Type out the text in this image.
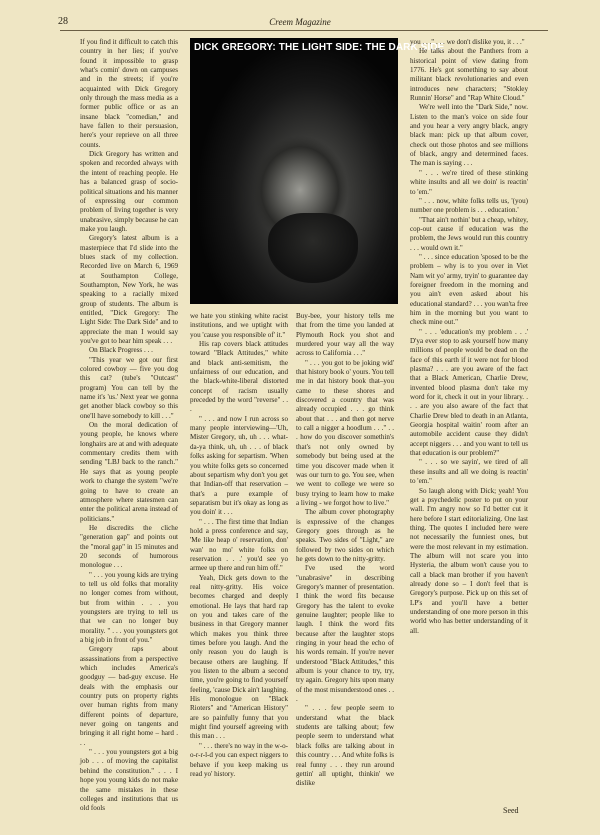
28	Creem Magazine

If you find it difficult to catch this country in her lies; if you've found it impossible to grasp what's comin' down on campuses and in the streets; if you're acquainted with Dick Gregory only through the mass media as a former public office or as an insane black "comedian," and have fallen to their persuasion, here's your reprieve on all three counts.

Dick Gregory has written and spoken and recorded always with the intent of reaching people. He has a balanced grasp of socio-political situations and his manner of expressing our common problem of living together is very unabrasive, simply because he can make you laugh.

Gregory's latest album is a masterpiece that I'd slide into the blues stack of my collection. Recorded live on March 6, 1969 at Southampton College, Southampton, New York, he was speaking to a racially mixed group of students. The album is entitled, "Dick Gregory: The Light Side: The Dark Side" and to appreciate the man I would say you've got to hear him speak . . .

On Black Progress . . .

"This year we got our first colored cowboy — five you dog this cat? (tube's "Outcast" program) You can tell by the name it's 'us.' Next year we gonna get another black cowboy so this one'll have somebody to kill . . ."

On the moral dedication of young people, he knows where longhairs are at and with adequate commentary credits them with sending "LBJ back to the ranch." He says that as young people work to change the system "we're going to have to create an atmosphere where statesmen can enter the political arena instead of politicians."

He discredits the cliche "generation gap" and points out the "moral gap" in 15 minutes and 20 seconds of humorous monologue . . .

" . . . you young kids are trying to tell us old folks that morality no longer comes from without, but from within . . . you youngsters are trying to tell us that we can no longer buy morality. " . . . you youngsters got a big job in front of you."

Gregory raps about assassinations from a perspective which includes America's goodguy — bad-guy excuse. He deals with the emphasis our country puts on property rights over human rights from many different points of departure, never going on tangents and bringing it all right home – hard . . .

" . . . you youngsters got a big job . . . of moving the capitalist behind the constitution." . . . I hope you young kids do not make the same mistakes in these colleges and institutions that us old fools

DICK GREGORY: THE LIGHT SIDE: THE DARK SIDE

we hate you stinking white racist institutions, and we uptight with you 'cause you responsible of' it."

His rap covers black attitudes toward "Black Attitudes," white and black anti-semitism, the unfairness of our education, and the black-white-liberal distorted concept of racism usually preceded by the word "reverse" . . .

" . . . and now I run across so many people interviewing—'Uh, Mister Gregory, uh, uh . . . what-da-ya think, uh, uh . . . of black folks asking for separtism. 'When you white folks gets so concerned about separtism why don't you get that Indian-off that reservation – that's a pure example of separatism but it's okay as long as you doin' it . . .

" . . . The first time that Indian hold a press conference and say, 'Me like heap o' reservation, don' wan' no mo' white folks on reservation . . .' you'd see yo armee up there and run him off."

Yeah, Dick gets down to the real nitty-gritty. His voice becomes charged and deeply emotional. He lays that hard rap on you and takes care of the business in that Gregory manner which makes you think three times before you laugh. And the only reason you do laugh is because others are laughing. If you listen to the album a second time, you're going to find yourself feeling, 'cause Dick ain't laughing. His monologue on "Black Rioters" and "American History" are so painfully funny that you might find yourself agreeing with this man . . .

" . . . there's no way in the w-o-o-r-r-l-d you can expect niggers to behave if you keep making us read yo' history.

Buy-bee, your history tells me that from the time you landed at Plymouth Rock you shot and murdered your way all the way across to California . . ."

" . . . you got to be joking wid' that history book o' yours. You tell me in dat history book that–you came to these shores and discovered a country that was already occupied . . . go think about that . . . and then got nerve to call a nigger a hoodlum . . ." . . . how do you discover somethin's that's not only owned by somebody but being used at the time you discover made when it was our turn to go. You see, when we went to college we were so busy trying to learn how to make a living - we forgot how to live."

The album cover photography is expressive of the changes Gregory goes through as he speaks. Two sides of "Light," are followed by two sides on which he gets down to the nitty-gritty.

I've used the word "unabrasive" in describing Gregory's manner of presentation. I think the word fits because Gregory has the talent to evoke genuine laughter; people like to laugh. I think the word fits because after the laughter stops ringing in your head the echo of his words remain. If you're never understood "Black Attitudes," this album is your chance to try, try, try again. Gregory hits upon many of the most misunderstood ones . . .

" . . . few people seem to understand what the black students are talking about; few people seem to understand what black folks are talking about in this country . . . And white folks is real funny . . . they run around gettin' all uptight, thinkin' we dislike

you . . ." . . . we don't dislike you, it . . ."

He talks about the Panthers from a historical point of view dating from 1776. He's got something to say about militant black revolutionaries and even introduces new characters; "Stokley Runnin' Horse" and "Rap White Cloud."

We're well into the "Dark Side," now. Listen to the man's voice on side four and you hear a very angry black, angry black man: pick up that album cover, check out those photos and see millions of black, angry and determined faces. The man is saying . . .

" . . . we're tired of these stinking white insults and all we doin' is reactin' to 'em."

" . . . now, white folks tells us, '(you) number one problem is . . . education.'

"That ain't nothin' but a cheap, whitey, cop-out cause if education was the problem, the Jews would run this country . . . would own it."

" . . . since education 'sposed to be the problem – why is to you over in Viet Nam wit yo' army, tryin' to guarantee day foreigner freedom in the morning and you ain't even asked about his educational standard? . . . you wan'ta free him in the morning but you want to check mine out."

" . . . 'education's my problem . . .' D'ya ever stop to ask yourself how many millions of people would be dead on the face of this earth if it were not for blood plasma? . . . are you aware of the fact that a Black American, Charlie Drew, invented blood plasma don't take my word for it, check it out in your library. . . . are you also aware of the fact that Charlie Drew bled to death in an Atlanta, Georgia hospital waitin' room after an automobile accident cause they didn't accept niggers . . . and you want to tell us that education is our problem?"

" . . . so we sayin', we tired of all these insults and all we doing is reactin' to 'em."

So laugh along with Dick; yeah! You get a psychedelic poster to put on your wall. I'm angry now so I'd better cut it here before I start editorializing. One last thing. The quotes I included here were not necessarily the funniest ones, but were the most relevant in my estimation. The album will not scare you into Hysteria, the album won't cause you to call a black man brother if you haven't already done so – I don't feel that is Gregory's purpose. Pick up on this set of LP's and you'll have a better understanding of one more person in this world who has better understanding of it all.

Seed
